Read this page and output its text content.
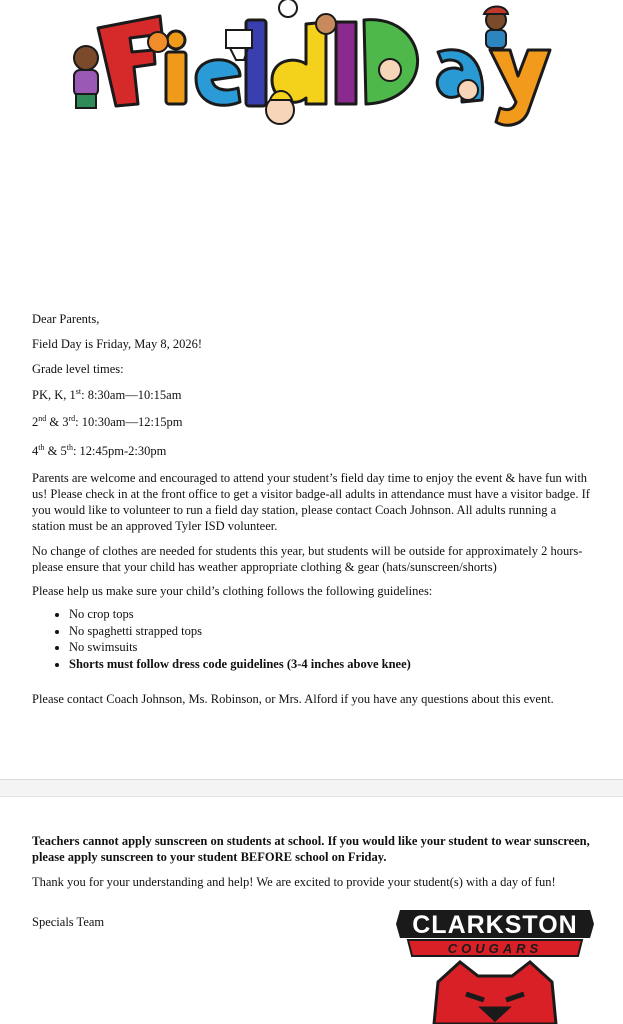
Dear Parents,

Field Day is Friday, May 8, 2026!

Grade level times:

PK, K, 1st: 8:30am—10:15am

2nd & 3rd: 10:30am—12:15pm

4th & 5th: 12:45pm-2:30pm

Parents are welcome and encouraged to attend your student’s field day time to enjoy the event & have fun with us! Please check in at the front office to get a visitor badge-all adults in attendance must have a visitor badge. If you would like to volunteer to run a field day station, please contact Coach Johnson. All adults running a station must be an approved Tyler ISD volunteer.

No change of clothes are needed for students this year, but students will be outside for approximately 2 hours-please ensure that your child has weather appropriate clothing & gear (hats/sunscreen/shorts)

Please help us make sure your child’s clothing follows the following guidelines:

• No crop tops
• No spaghetti strapped tops
• No swimsuits
• Shorts must follow dress code guidelines (3-4 inches above knee)

Please contact Coach Johnson, Ms. Robinson, or Mrs. Alford if you have any questions about this event.

Teachers cannot apply sunscreen on students at school. If you would like your student to wear sunscreen, please apply sunscreen to your student BEFORE school on Friday.

Thank you for your understanding and help! We are excited to provide your student(s) with a day of fun!

Specials Team	CLARKSTON
COUGARS
